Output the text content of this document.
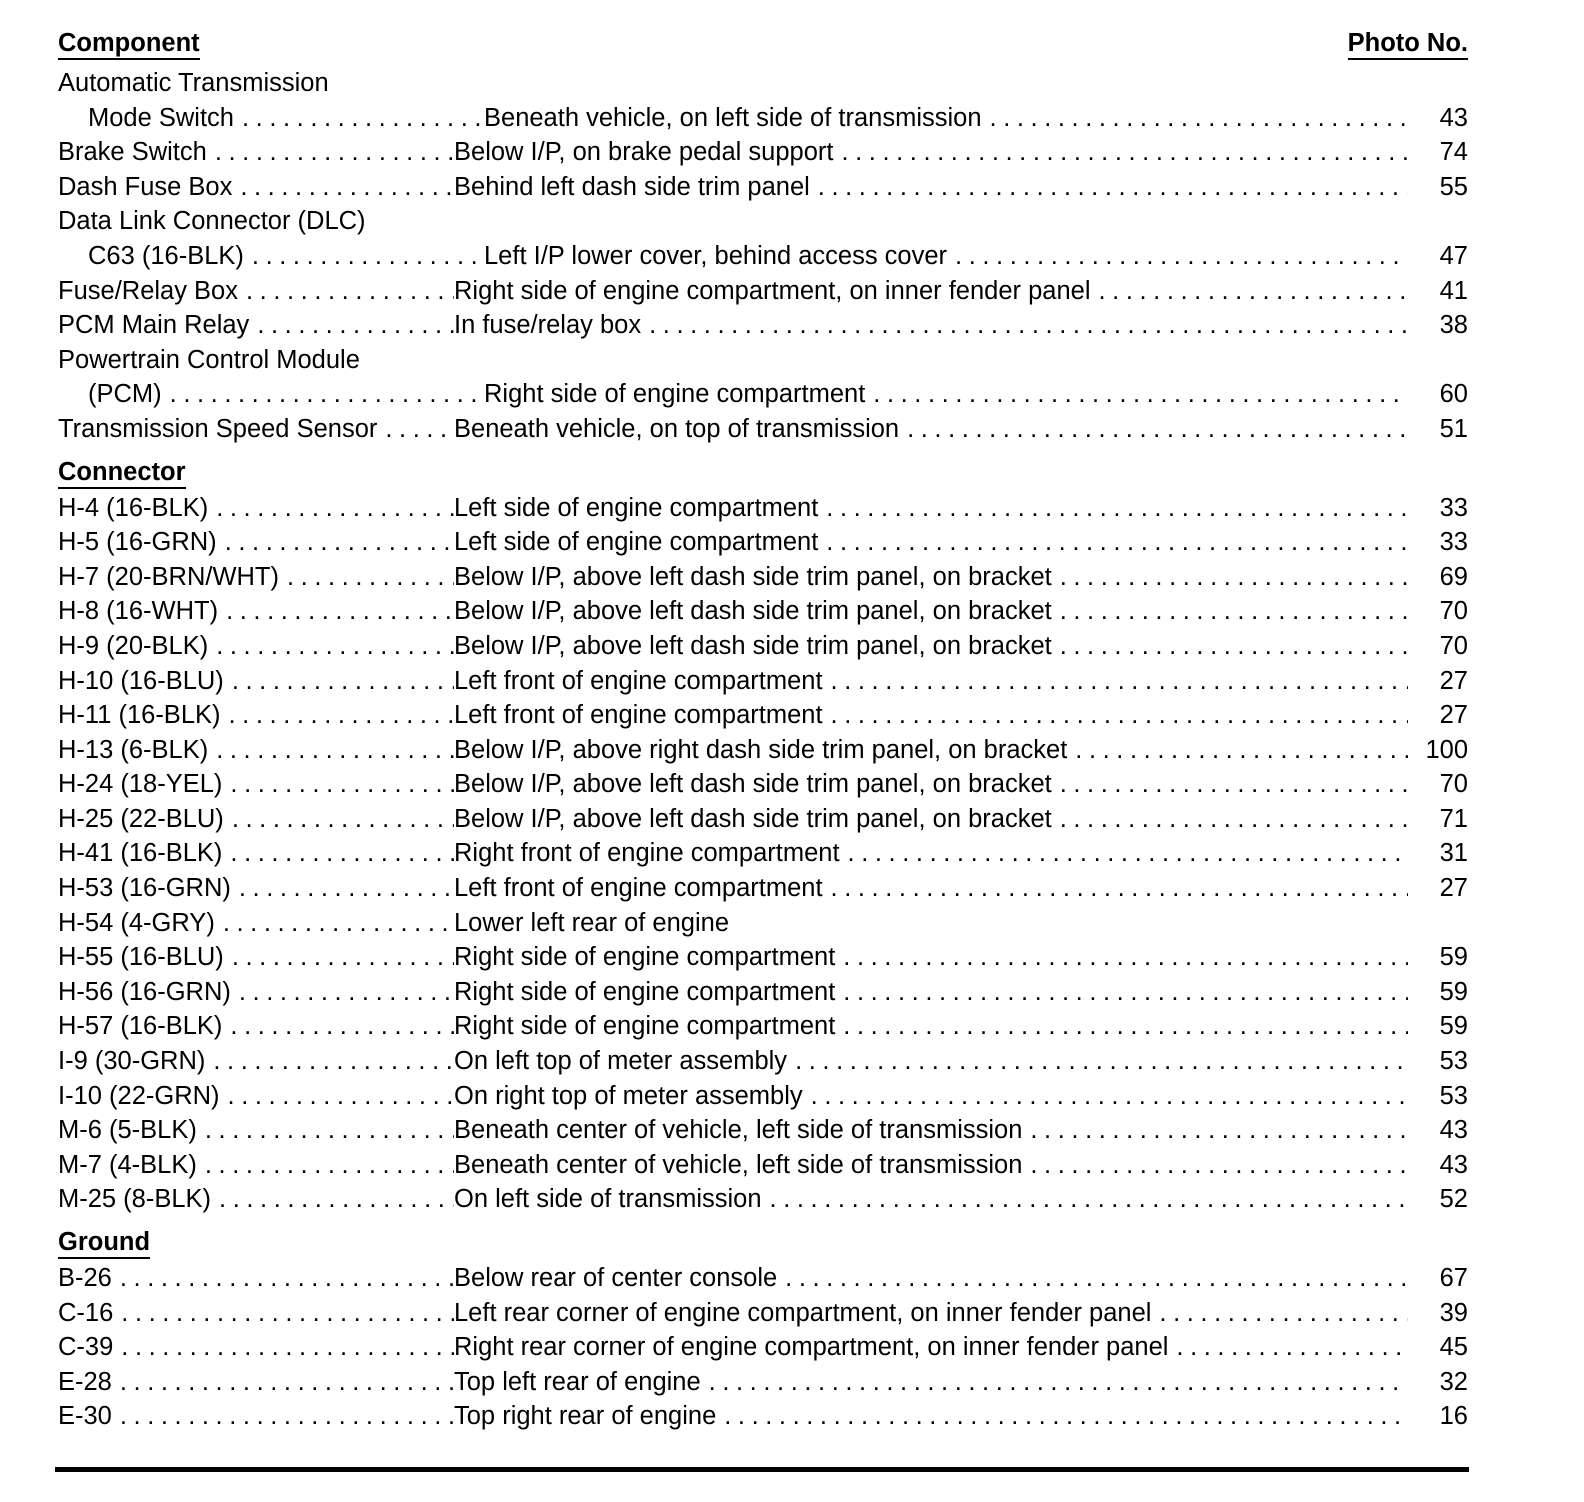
Component	Photo No.
Automatic Transmission
Mode Switch . . .	Beneath vehicle, on left side of transmission . . .	43
Brake Switch . . .	Below I/P, on brake pedal support . . .	74
Dash Fuse Box . . .	Behind left dash side trim panel . . .	55
Data Link Connector (DLC)
C63 (16-BLK) . . .	Left I/P lower cover, behind access cover . . .	47
Fuse/Relay Box . . .	Right side of engine compartment, on inner fender panel . . .	41
PCM Main Relay . . .	In fuse/relay box . . .	38
Powertrain Control Module
(PCM) . . .	Right side of engine compartment . . .	60
Transmission Speed Sensor . . .	Beneath vehicle, on top of transmission . . .	51
Connector
H-4 (16-BLK) . . .	Left side of engine compartment . . .	33
H-5 (16-GRN) . . .	Left side of engine compartment . . .	33
H-7 (20-BRN/WHT) . . .	Below I/P, above left dash side trim panel, on bracket . . .	69
H-8 (16-WHT) . . .	Below I/P, above left dash side trim panel, on bracket . . .	70
H-9 (20-BLK) . . .	Below I/P, above left dash side trim panel, on bracket . . .	70
H-10 (16-BLU) . . .	Left front of engine compartment . . .	27
H-11 (16-BLK) . . .	Left front of engine compartment . . .	27
H-13 (6-BLK) . . .	Below I/P, above right dash side trim panel, on bracket . . .	100
H-24 (18-YEL) . . .	Below I/P, above left dash side trim panel, on bracket . . .	70
H-25 (22-BLU) . . .	Below I/P, above left dash side trim panel, on bracket . . .	71
H-41 (16-BLK) . . .	Right front of engine compartment . . .	31
H-53 (16-GRN) . . .	Left front of engine compartment . . .	27
H-54 (4-GRY) . . .	Lower left rear of engine
H-55 (16-BLU) . . .	Right side of engine compartment . . .	59
H-56 (16-GRN) . . .	Right side of engine compartment . . .	59
H-57 (16-BLK) . . .	Right side of engine compartment . . .	59
I-9 (30-GRN) . . .	On left top of meter assembly . . .	53
I-10 (22-GRN) . . .	On right top of meter assembly . . .	53
M-6 (5-BLK) . . .	Beneath center of vehicle, left side of transmission . . .	43
M-7 (4-BLK) . . .	Beneath center of vehicle, left side of transmission . . .	43
M-25 (8-BLK) . . .	On left side of transmission . . .	52
Ground
B-26 . . .	Below rear of center console . . .	67
C-16 . . .	Left rear corner of engine compartment, on inner fender panel . . .	39
C-39 . . .	Right rear corner of engine compartment, on inner fender panel . . .	45
E-28 . . .	Top left rear of engine . . .	32
E-30 . . .	Top right rear of engine . . .	16
